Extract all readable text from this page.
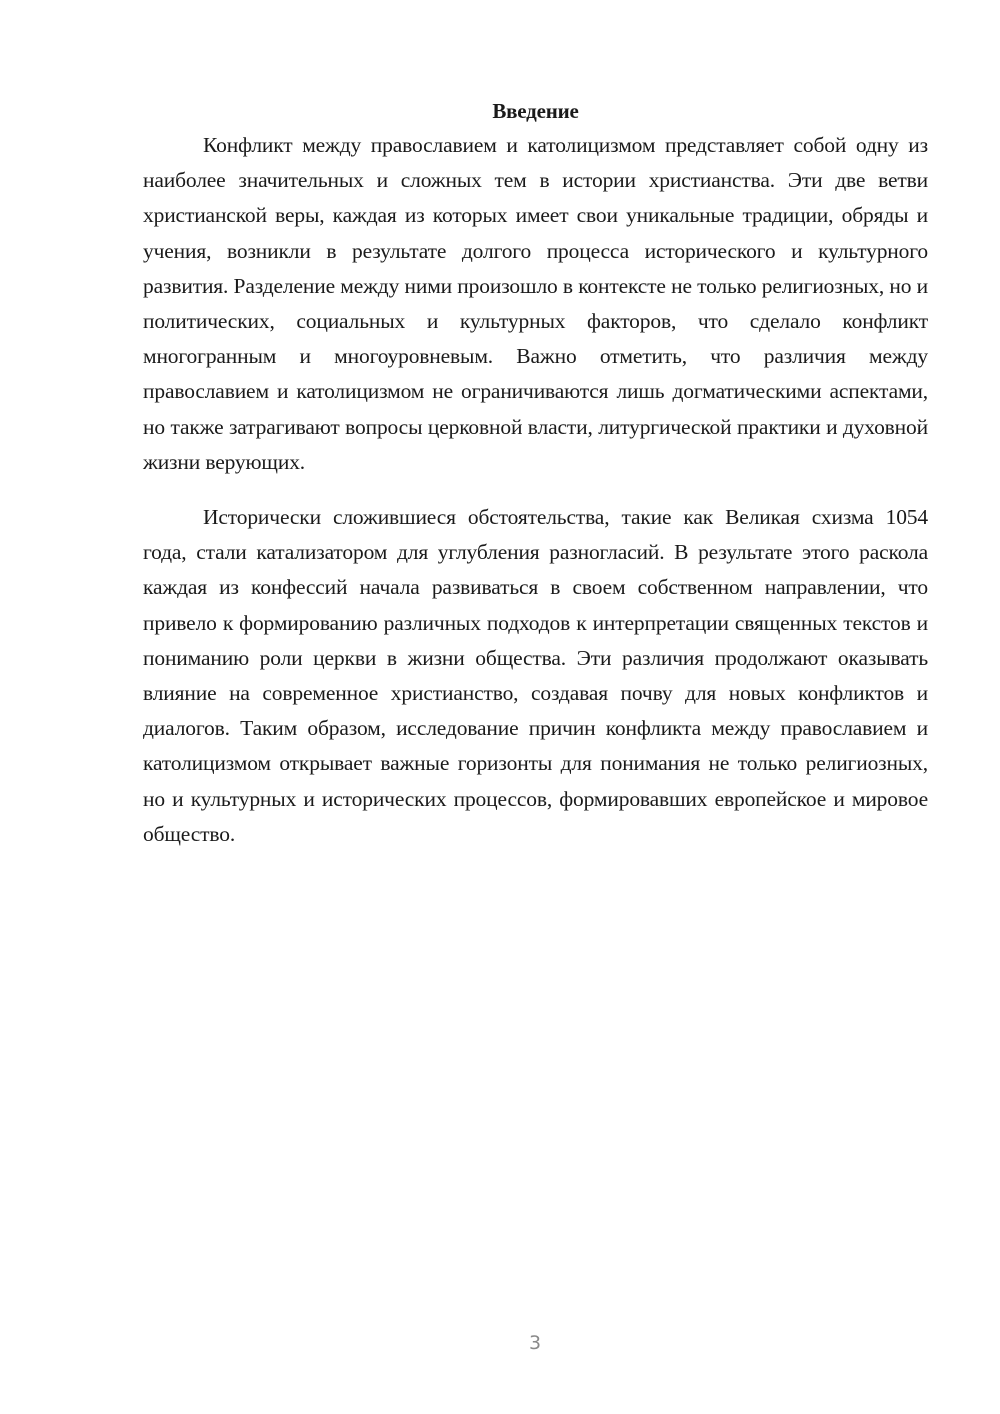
Введение

Конфликт между православием и католицизмом представляет собой одну из наиболее значительных и сложных тем в истории христианства. Эти две ветви христианской веры, каждая из которых имеет свои уникальные традиции, обряды и учения, возникли в результате долгого процесса исторического и культурного развития. Разделение между ними произошло в контексте не только религиозных, но и политических, социальных и культурных факторов, что сделало конфликт многогранным и многоуровневым. Важно отметить, что различия между православием и католицизмом не ограничиваются лишь догматическими аспектами, но также затрагивают вопросы церковной власти, литургической практики и духовной жизни верующих.

Исторически сложившиеся обстоятельства, такие как Великая схизма 1054 года, стали катализатором для углубления разногласий. В результате этого раскола каждая из конфессий начала развиваться в своем собственном направлении, что привело к формированию различных подходов к интерпретации священных текстов и пониманию роли церкви в жизни общества. Эти различия продолжают оказывать влияние на современное христианство, создавая почву для новых конфликтов и диалогов. Таким образом, исследование причин конфликта между православием и католицизмом открывает важные горизонты для понимания не только религиозных, но и культурных и исторических процессов, формировавших европейское и мировое общество.

3
